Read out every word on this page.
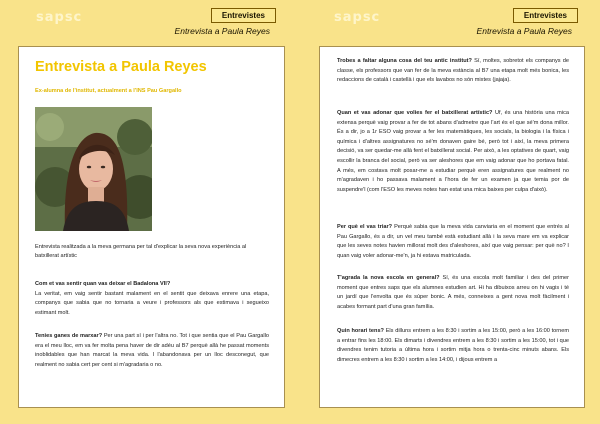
sapsc	Entrevistes
Entrevista a Paula Reyes
sapsc	Entrevistes
Entrevista a Paula Reyes
Entrevista a Paula Reyes
Ex-alumna de l'institut, actualment a l'INS Pau Gargallo
Entrevista realitzada a la meva germana per tal d'explicar la seva nova experiència al batxillerat artístic
Com et vas sentir quan vas deixar el Badalona VII?
La veritat, em vaig sentir bastant malament en el sentit que deixava enrere una etapa, companys que sabia que no tornaria a veure i professors als que estimava i segueixo estimant molt.
Tenies ganes de marxar? Per una part sí i per l'altra no. Tot i que sentia que el Pau Gargallo era el meu lloc, em va fer molta pena haver de dir adéu al B7 perquè allà he passat moments inoblidables que han marcat la meva vida. I l'abandonava per un lloc desconegut, que realment no sabia cert per cent si m'agradaria o no.
Trobes a faltar alguna cosa del teu antic institut? Sí, moltes, sobretot els companys de classe, els professors que van fer de la meva estància al B7 una etapa molt més bonica, les redaccions de català i castellà i que els lavabos no són mixtes (jajaja).
Quan et vas adonar que volies fer el batxillerat artístic? Uf, és una història una mica extensa perquè vaig provar a fer de tot abans d'admetre que l'art és el que sé'm dona millor. És a dir, jo a 1r ESO vaig provar a fer les matemàtiques, les socials, la biologia i la física i química i d'altres assignatures no sé'm donaven gaire bé, però tot i així, la meva primera decisió, va ser quedar-me allà fent el batxillerat social. Per això, a les optatives de quart, vaig escollir la branca del social, però va ser aleshores que em vaig adonar que ho portava fatal. A més, em costava molt posar-me a estudiar perquè eren assignatures que realment no m'agradaven i ho passava malament a l'hora de fer un examen ja que temia por de suspendre'l (com l'ESO les meves notes han estat una mica baixes per culpa d'això).
Per què el vas triar? Perquè sabia que la meva vida canviaria en el moment que entrés al Pau Gargallo, és a dir, un vel meu també està estudiant allà i la seva mare em va explicar que les seves notes havien millorat molt des d'aleshores, així que vaig pensar: per què no? I quan vaig voler adonar-me'n, ja hi estava matriculada.
T'agrada la nova escola en general? Sí, és una escola molt familiar i des del primer moment que entres saps que els alumnes estudien art. Hi ha dibuixos arreu on hi vagis i té un jardí que l'envolta que és súper bonic. A més, conneixes a gent nova molt fàcilment i acabes formant part d'una gran família.
Quin horari tens? Els dilluns entrem a les 8:30 i sortim a les 15:00, però a les 16:00 tornem a entrar fins les 18:00. Els dimarts i divendres entrem a les 8:30 i sortim a les 15:00, tot i que divendres tenim tutoria a última hora i sortim mitja hora o trenta-cinc minuts abans. Els dimecres entrem a les 8:30 i sortim a les 14:00, i dijous entrem a
